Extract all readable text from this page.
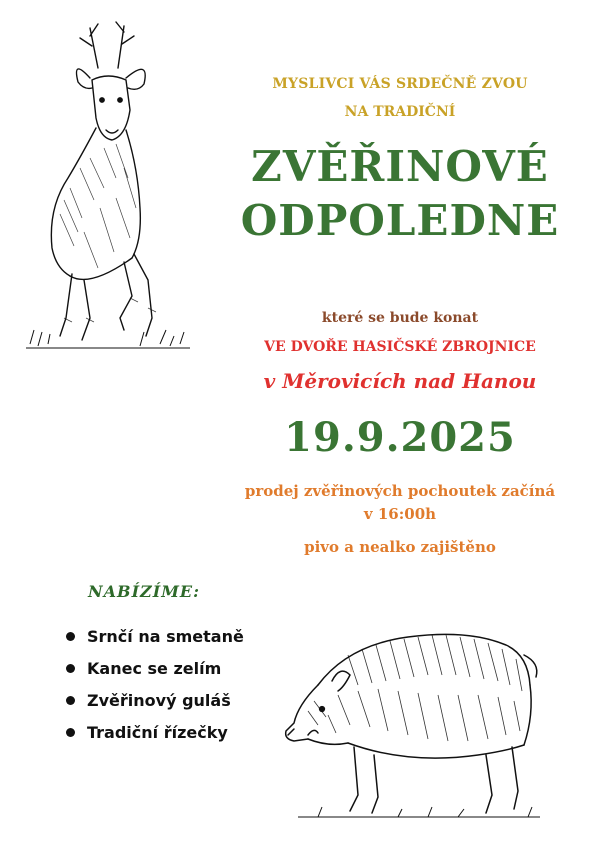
MYSLIVCI VÁS SRDEČNĚ ZVOU
NA TRADIČNÍ
ZVĚŘINOVÉ
ODPOLEDNE
které se bude konat
VE DVOŘE HASIČSKÉ ZBROJNICE
v Měrovicích nad Hanou
19.9.2025
prodej zvěřinových pochoutek začíná
v 16:00h
pivo a nealko zajištěno
NABÍZÍME:
Srnčí na smetaně
Kanec se zelím
Zvěřinový guláš
Tradiční řízečky
